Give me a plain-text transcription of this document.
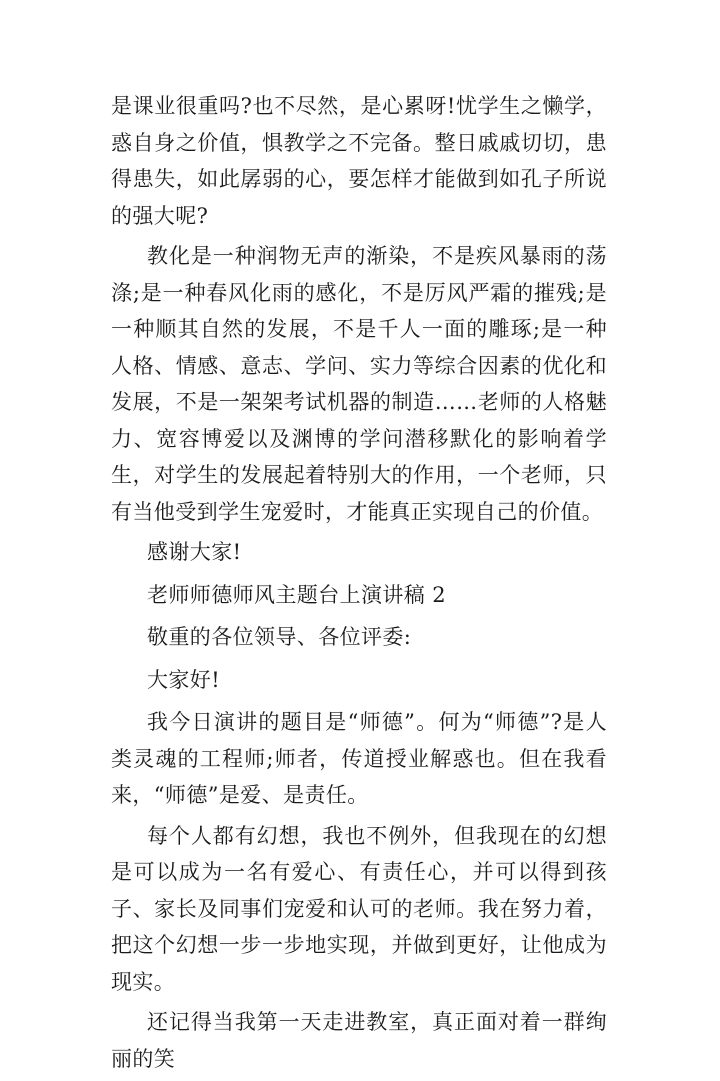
是课业很重吗?也不尽然，是心累呀!忧学生之懒学，惑自身之价值，惧教学之不完备。整日戚戚切切，患得患失，如此孱弱的心，要怎样才能做到如孔子所说的强大呢?

教化是一种润物无声的渐染，不是疾风暴雨的荡涤;是一种春风化雨的感化，不是厉风严霜的摧残;是一种顺其自然的发展，不是千人一面的雕琢;是一种人格、情感、意志、学问、实力等综合因素的优化和发展，不是一架架考试机器的制造……老师的人格魅力、宽容博爱以及渊博的学问潜移默化的影响着学生，对学生的发展起着特别大的作用，一个老师，只有当他受到学生宠爱时，才能真正实现自己的价值。

感谢大家!

老师师德师风主题台上演讲稿 2

敬重的各位领导、各位评委:

大家好!

我今日演讲的题目是“师德”。何为“师德”?是人类灵魂的工程师;师者，传道授业解惑也。但在我看来，“师德”是爱、是责任。

每个人都有幻想，我也不例外，但我现在的幻想是可以成为一名有爱心、有责任心，并可以得到孩子、家长及同事们宠爱和认可的老师。我在努力着，把这个幻想一步一步地实现，并做到更好，让他成为现实。

还记得当我第一天走进教室，真正面对着一群绚丽的笑
